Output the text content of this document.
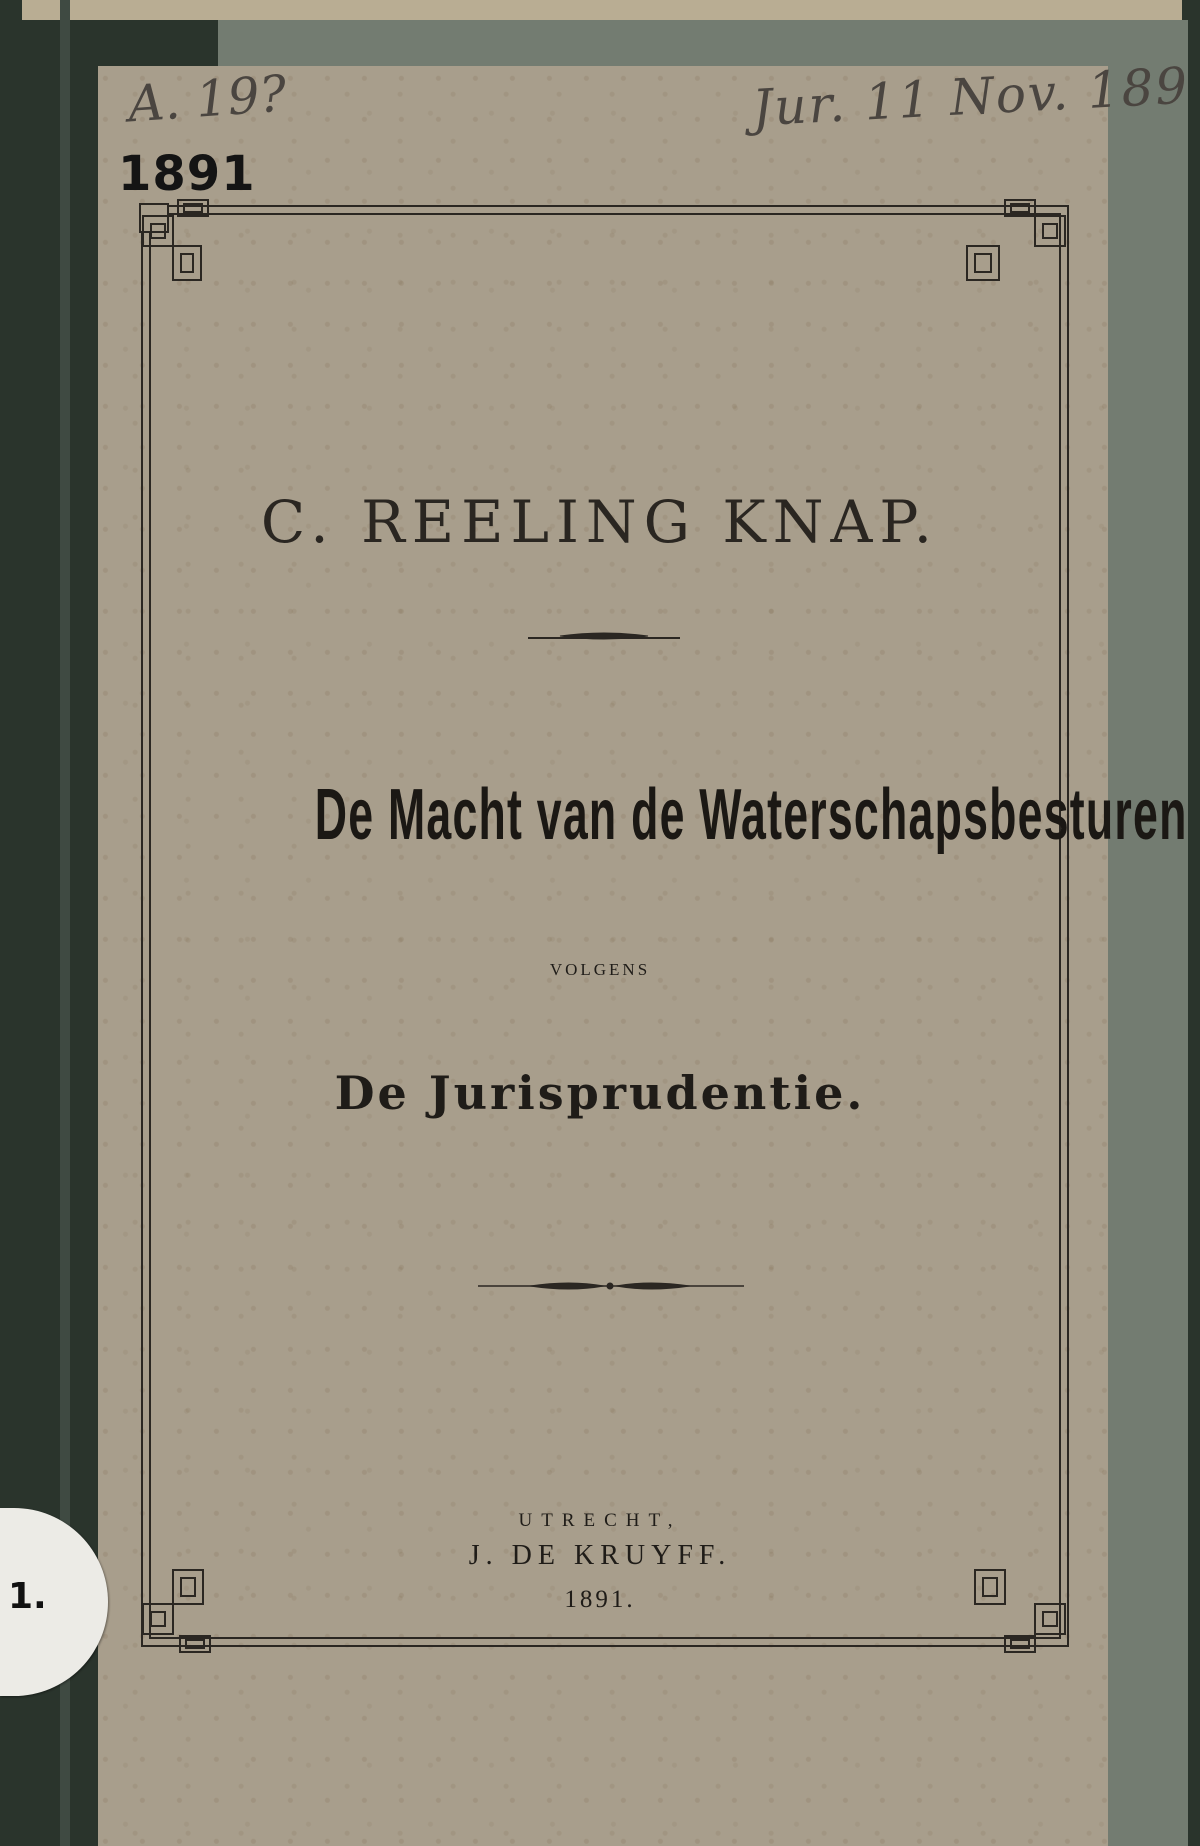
A. 19?	Jur. 11 Nov. 189
1891
C. REELING KNAP.
De Macht van de Waterschapsbesturen
VOLGENS
De Jurisprudentie.
UTRECHT,
J. DE KRUYFF.
1891.
1.
